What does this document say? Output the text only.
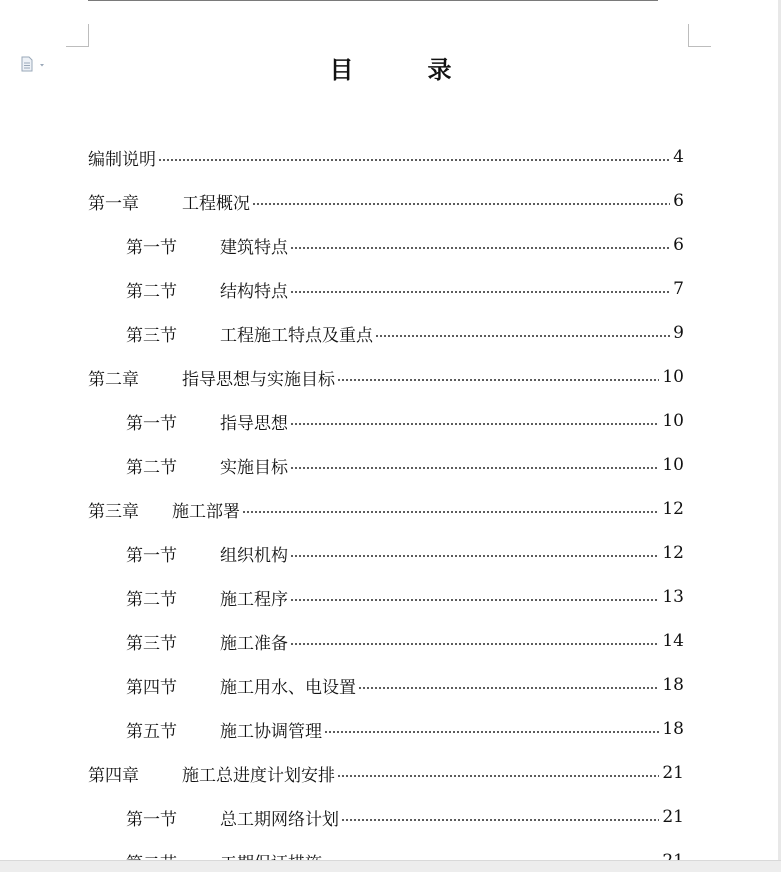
目	录
编制说明	4
第一章	工程概况	6
第一节	建筑特点	6
第二节	结构特点	7
第三节	工程施工特点及重点	9
第二章	指导思想与实施目标	10
第一节	指导思想	10
第二节	实施目标	10
第三章 施工部署	12
第一节	组织机构	12
第二节	施工程序	13
第三节	施工准备	14
第四节	施工用水、电设置	18
第五节	施工协调管理	18
第四章	施工总进度计划安排	21
第一节	总工期网络计划	21
